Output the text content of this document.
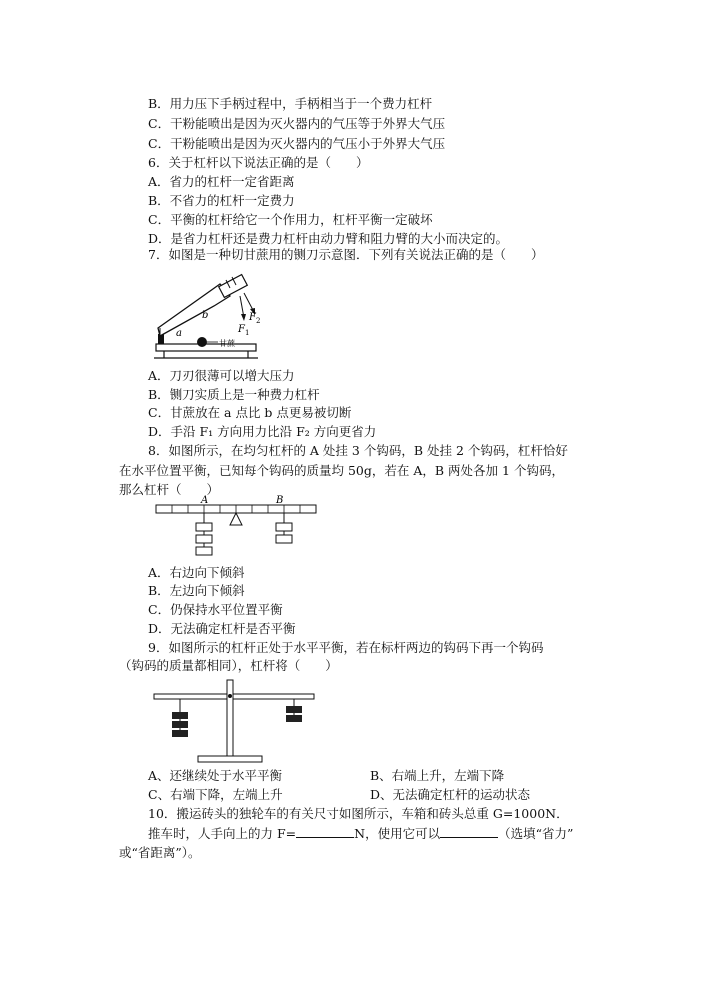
B．用力压下手柄过程中，手柄相当于一个费力杠杆
C．干粉能喷出是因为灭火器内的气压等于外界大气压
C．干粉能喷出是因为灭火器内的气压小于外界大气压
6．关于杠杆以下说法正确的是（　　）
A．省力的杠杆一定省距离
B．不省力的杠杆一定费力
C．平衡的杠杆给它一个作用力，杠杆平衡一定破坏
D．是省力杠杆还是费力杠杆由动力臂和阻力臂的大小而决定的。
7．如图是一种切甘蔗用的铡刀示意图．下列有关说法正确的是（　　）
a
b
甘蔗
F 1
F 2
A．刀刃很薄可以增大压力
B．铡刀实质上是一种费力杠杆
C．甘蔗放在 a 点比 b 点更易被切断
D．手沿 F₁ 方向用力比沿 F₂ 方向更省力
8．如图所示，在均匀杠杆的 A 处挂 3 个钩码，B 处挂 2 个钩码，杠杆恰好
在水平位置平衡，已知每个钩码的质量均 50g，若在 A，B 两处各加 1 个钩码，
那么杠杆（　　）
A	B
A．右边向下倾斜
B．左边向下倾斜
C．仍保持水平位置平衡
D．无法确定杠杆是否平衡
9．如图所示的杠杆正处于水平平衡，若在标杆两边的钩码下再一个钩码
（钩码的质量都相同），杠杆将（　　）
A、还继续处于水平平衡	B、右端上升，左端下降
C、右端下降，左端上升	D、无法确定杠杆的运动状态
10．搬运砖头的独轮车的有关尺寸如图所示，车箱和砖头总重 G=1000N．
推车时，人手向上的力 F=	N，使用它可以	（选填“省力”
或“省距离”）。
